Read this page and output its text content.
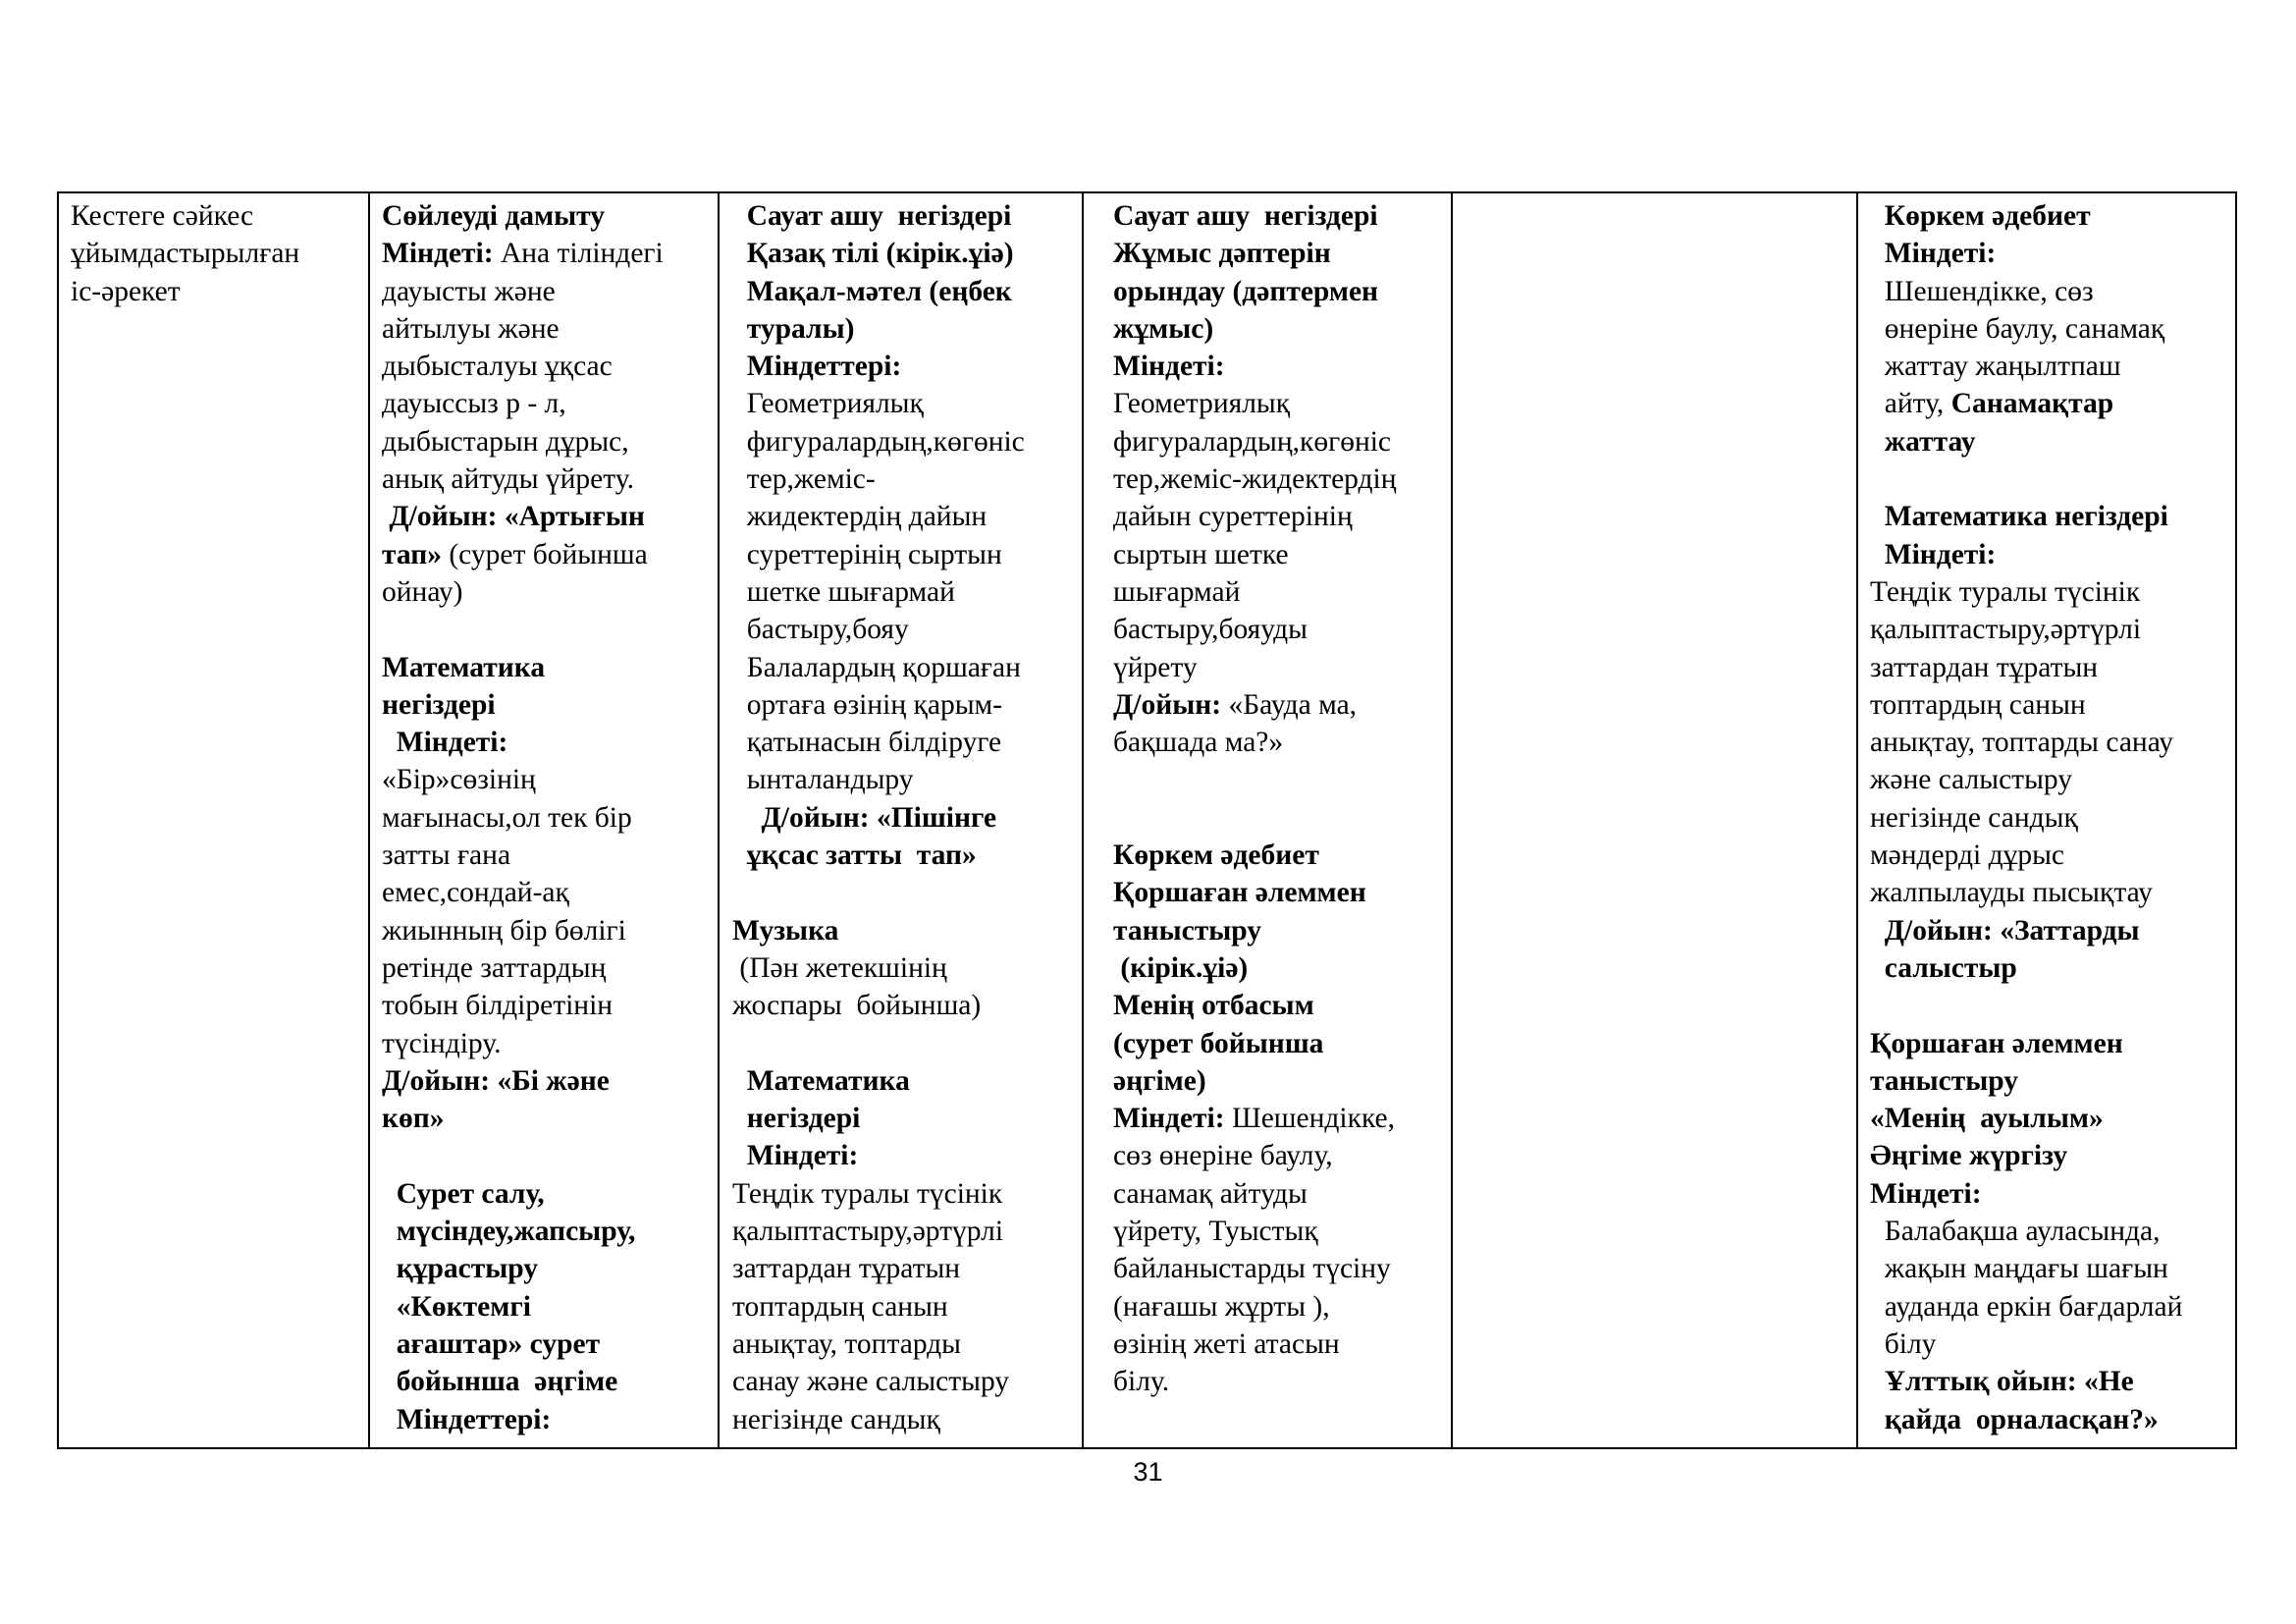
Кестеге сәйкес
ұйымдастырылған
іс-әрекет
Сөйлеуді дамыту
Міндеті: Ана тіліндегі
дауысты және
айтылуы және
дыбысталуы ұқсас
дауыссыз р - л,
дыбыстарын дұрыс,
анық айтуды үйрету.
Д/ойын: «Артығын
тап» (сурет бойынша
ойнау)
Математика
негіздері
Міндеті:
«Бір»сөзінің
мағынасы,ол тек бір
затты ғана
емес,сондай-ақ
жиынның бір бөлігі
ретінде заттардың
тобын білдіретінін
түсіндіру.
Д/ойын: «Бі және
көп»
Сурет салу,
мүсіндеу,жапсыру,
құрастыру
«Көктемгі
ағаштар» сурет
бойынша  әңгіме
Міндеттері:
Сауат ашу  негіздері
Қазақ тілі (кірік.ұіә)
Мақал-мәтел (еңбек
туралы)
Міндеттері:
Геометриялық
фигуралардың,көгөніс
тер,жеміс-
жидектердің дайын
суреттерінің сыртын
шетке шығармай
бастыру,бояу
Балалардың қоршаған
ортаға өзінің қарым-
қатынасын білдіруге
ынталандыру
Д/ойын: «Пішінге
ұқсас затты  тап»
Музыка
(Пән жетекшінің
жоспары  бойынша)
Математика
негіздері
Міндеті:
Теңдік туралы түсінік
қалыптастыру,әртүрлі
заттардан тұратын
топтардың санын
анықтау, топтарды
санау және салыстыру
негізінде сандық
Сауат ашу  негіздері
Жұмыс дәптерін
орындау (дәптермен
жұмыс)
Міндеті:
Геометриялық
фигуралардың,көгөніс
тер,жеміс-жидектердің
дайын суреттерінің
сыртын шетке
шығармай
бастыру,бояуды
үйрету
Д/ойын: «Бауда ма,
бақшада ма?»
Көркем әдебиет
Қоршаған әлеммен
таныстыру
(кірік.ұіә)
Менің отбасым
(сурет бойынша
әңгіме)
Міндеті: Шешендікке,
сөз өнеріне баулу,
санамақ айтуды
үйрету, Туыстық
байланыстарды түсіну
(нағашы жұрты ),
өзінің жеті атасын
білу.
Көркем әдебиет
Міндеті:
Шешендікке, сөз
өнеріне баулу, санамақ
жаттау жаңылтпаш
айту, Санамақтар
жаттау
Математика негіздері
Міндеті:
Теңдік туралы түсінік
қалыптастыру,әртүрлі
заттардан тұратын
топтардың санын
анықтау, топтарды санау
және салыстыру
негізінде сандық
мәндерді дұрыс
жалпылауды пысықтау
Д/ойын: «Заттарды
салыстыр
Қоршаған әлеммен
таныстыру
«Менің  ауылым»
Әңгіме жүргізу
Міндеті:
Балабақша ауласында,
жақын маңдағы шағын
ауданда еркін бағдарлай
білу
Ұлттық ойын: «Не
қайда  орналасқан?»
31
